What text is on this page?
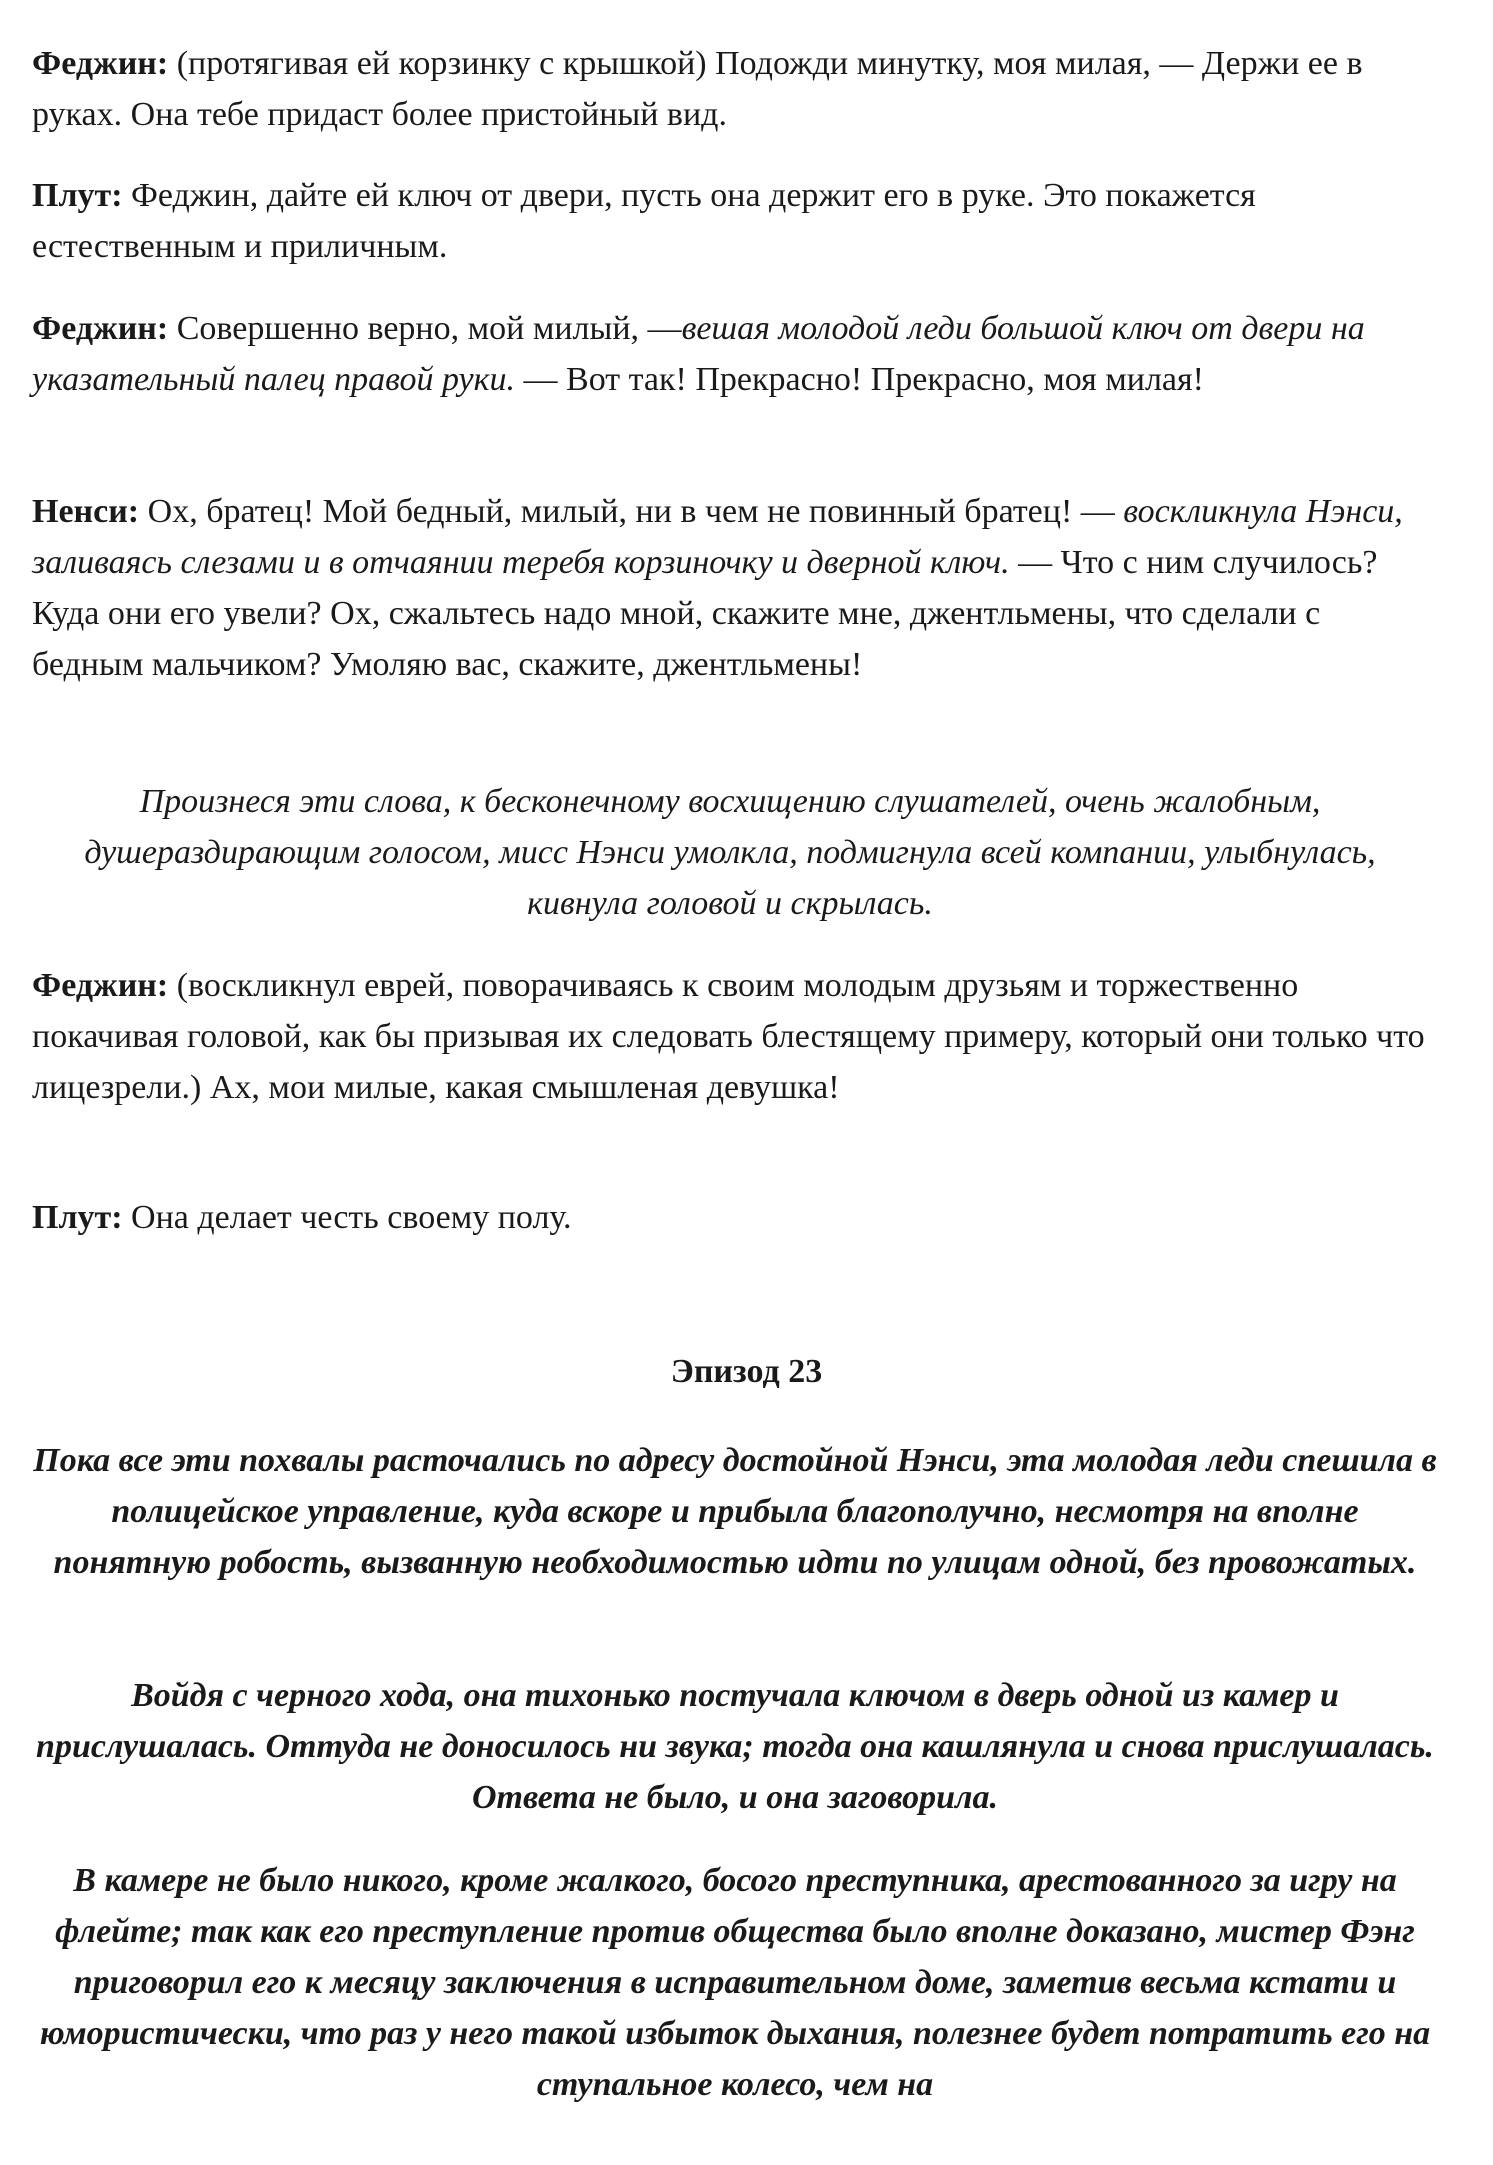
Феджин: (протягивая ей корзинку с крышкой) Подожди минутку, моя милая, — Держи ее в руках. Она тебе придаст более пристойный вид.

Плут: Феджин, дайте ей ключ от двери, пусть она держит его в руке. Это покажется естественным и приличным.

Феджин: Совершенно верно, мой милый, —вешая молодой леди большой ключ от двери на указательный палец правой руки. — Вот так! Прекрасно! Прекрасно, моя милая!

Ненси: Ох, братец! Мой бедный, милый, ни в чем не повинный братец! — воскликнула Нэнси, заливаясь слезами и в отчаянии теребя корзиночку и дверной ключ. — Что с ним случилось? Куда они его увели? Ох, сжальтесь надо мной, скажите мне, джентльмены, что сделали с бедным мальчиком? Умоляю вас, скажите, джентльмены!

Произнеся эти слова, к бесконечному восхищению слушателей, очень жалобным, душераздирающим голосом, мисс Нэнси умолкла, подмигнула всей компании, улыбнулась, кивнула головой и скрылась.

Феджин: (воскликнул еврей, поворачиваясь к своим молодым друзьям и торжественно покачивая головой, как бы призывая их следовать блестящему примеру, который они только что лицезрели.) Ах, мои милые, какая смышленая девушка!

Плут: Она делает честь своему полу.

Эпизод 23

Пока все эти похвалы расточались по адресу достойной Нэнси, эта молодая леди спешила в полицейское управление, куда вскоре и прибыла благополучно, несмотря на вполне понятную робость, вызванную необходимостью идти по улицам одной, без провожатых.

Войдя с черного хода, она тихонько постучала ключом в дверь одной из камер и прислушалась. Оттуда не доносилось ни звука; тогда она кашлянула и снова прислушалась. Ответа не было, и она заговорила.

В камере не было никого, кроме жалкого, босого преступника, арестованного за игру на флейте; так как его преступление против общества было вполне доказано, мистер Фэнг приговорил его к месяцу заключения в исправительном доме, заметив весьма кстати и юмористически, что раз у него такой избыток дыхания, полезнее будет потратить его на ступальное колесо, чем на
